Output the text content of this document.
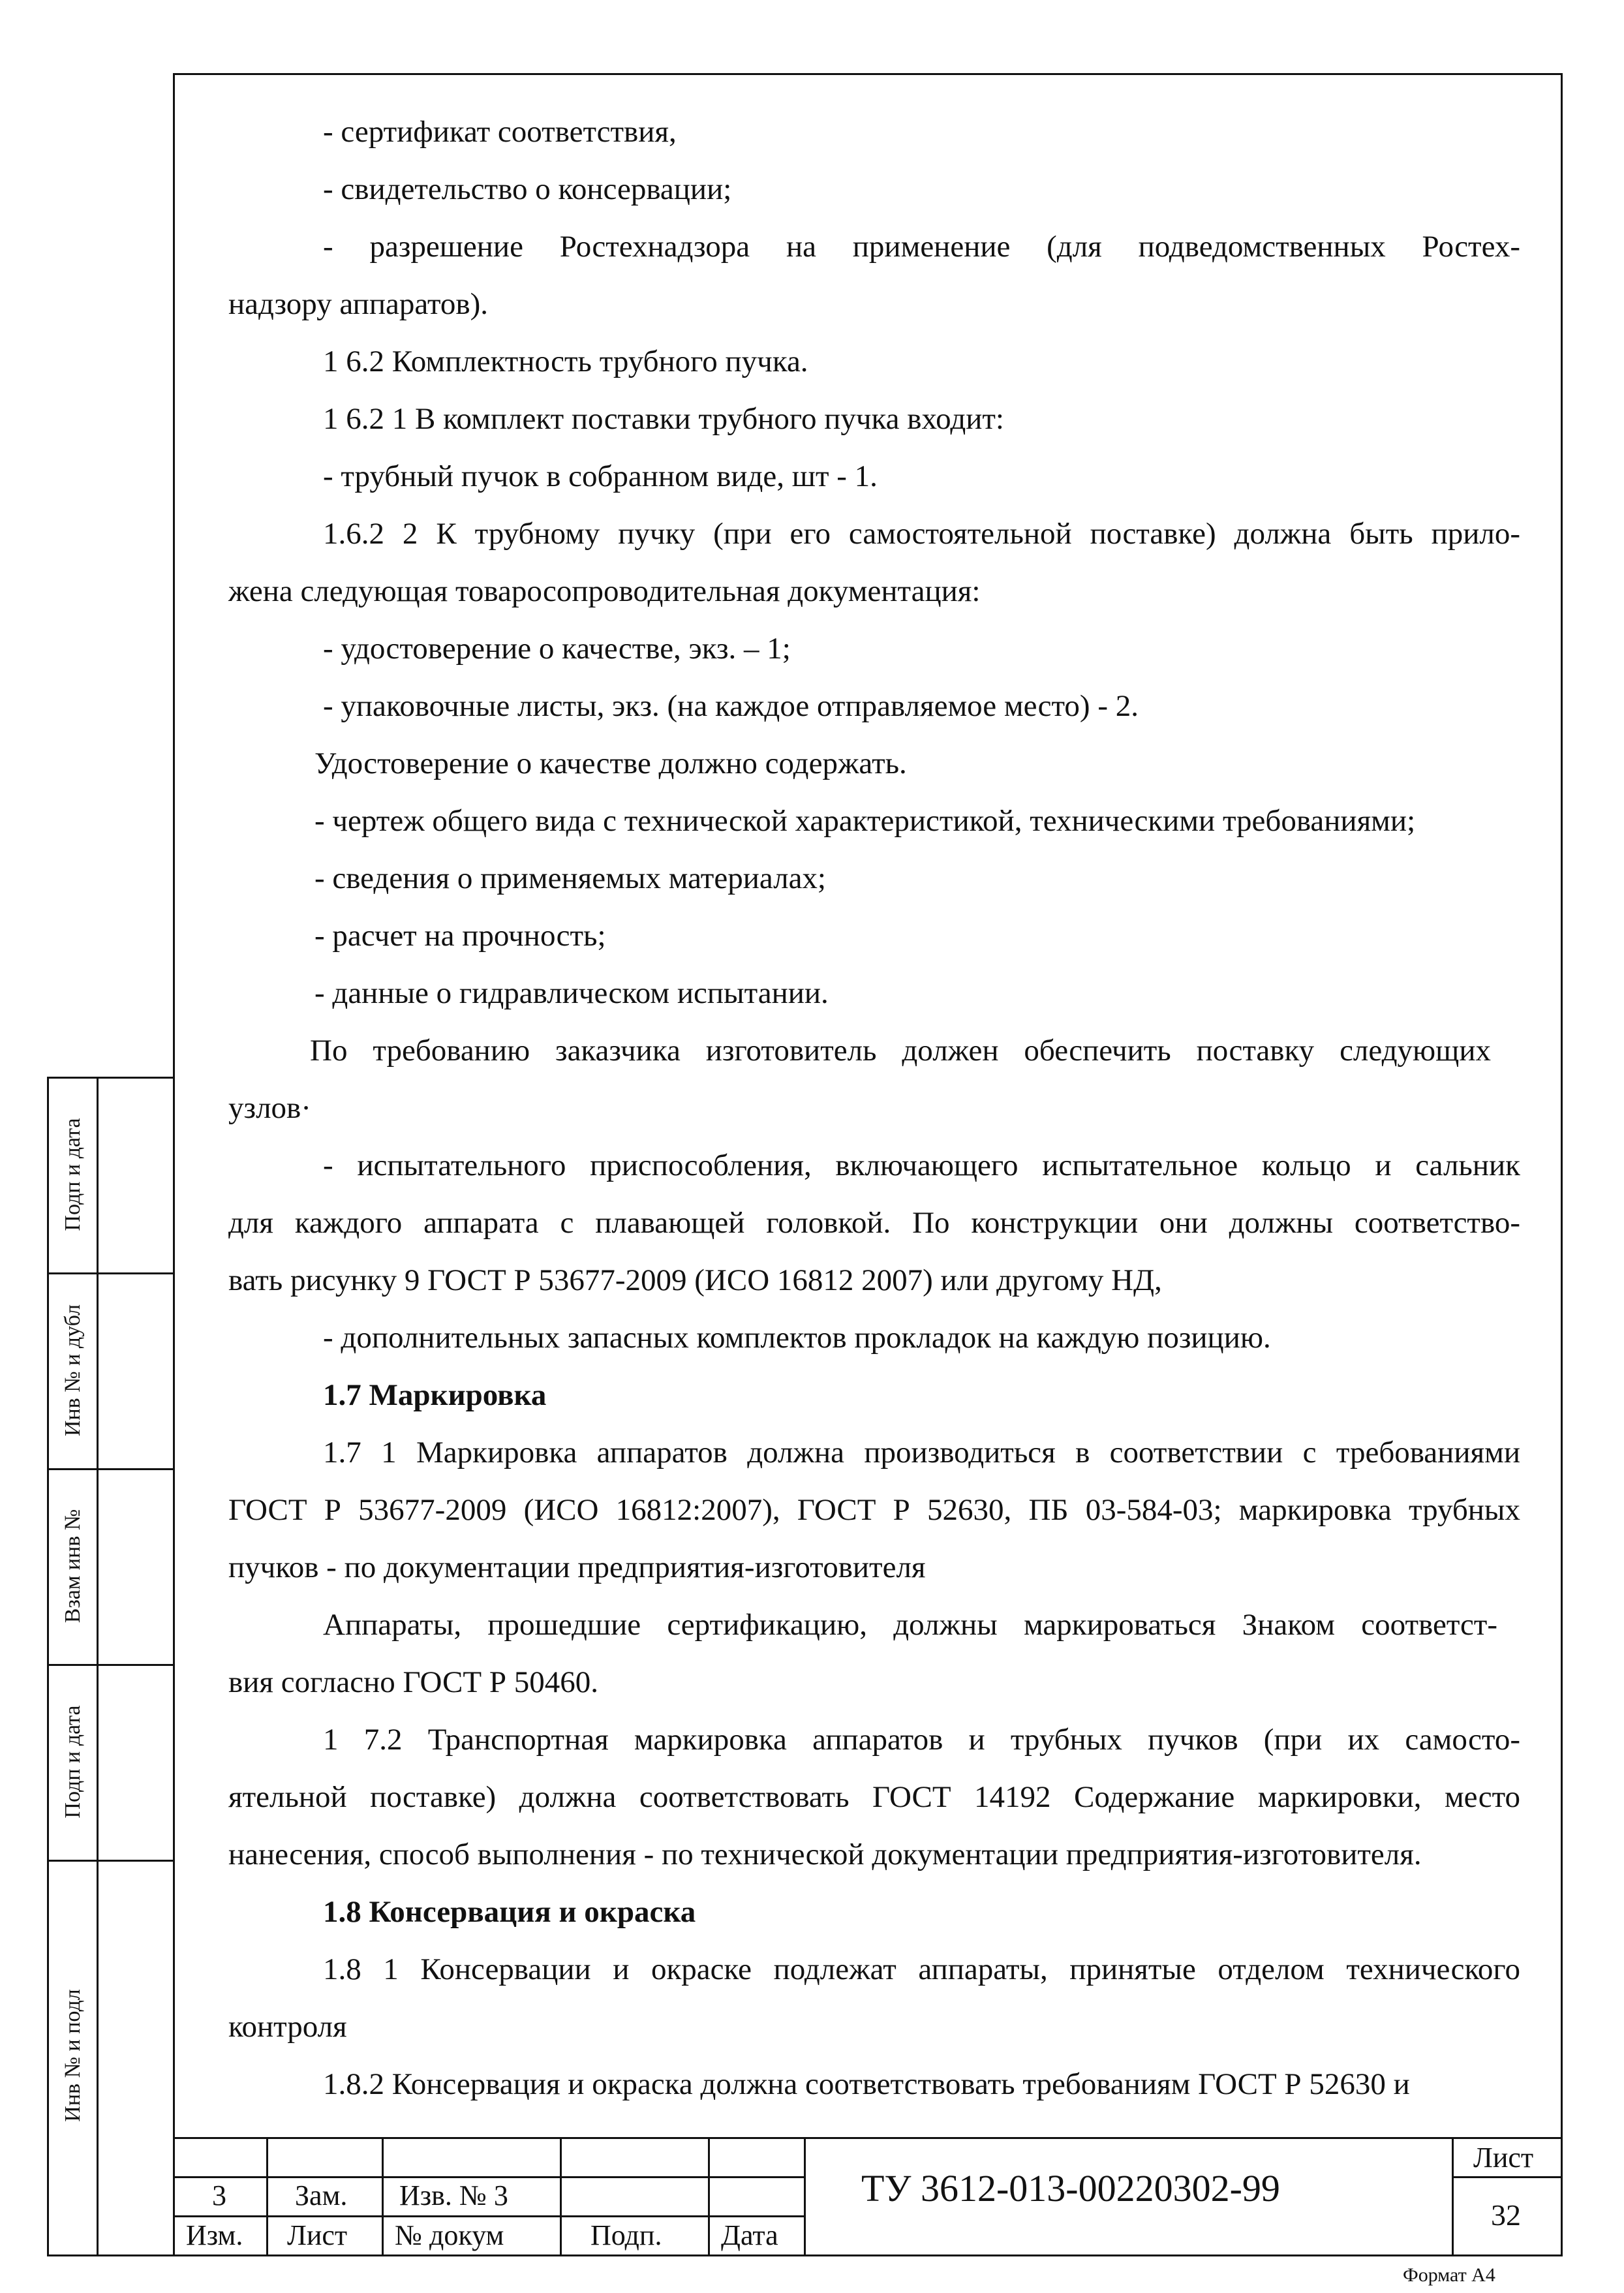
Подп и дата
Инв № и дубл
Взам инв №
Подп и дата
Инв № и подл
- сертификат соответствия,
- свидетельство о консервации;
- разрешение Ростехнадзора на применение (для подведомственных Ростех-
надзору аппаратов).
1 6.2 Комплектность трубного пучка.
1 6.2 1 В комплект поставки трубного пучка входит:
- трубный пучок в собранном виде, шт - 1.
1.6.2 2 К трубному пучку (при его самостоятельной поставке) должна быть прило-
жена следующая товаросопроводительная документация:
- удостоверение о качестве, экз. – 1;
- упаковочные листы, экз. (на каждое отправляемое место) - 2.
Удостоверение о качестве должно содержать.
- чертеж общего вида с технической характеристикой, техническими требованиями;
- сведения о применяемых материалах;
- расчет на прочность;
- данные о гидравлическом испытании.
По требованию заказчика изготовитель должен обеспечить поставку следующих
узлов·
- испытательного приспособления, включающего испытательное кольцо и сальник
для каждого аппарата с плавающей головкой. По конструкции они должны соответство-
вать рисунку 9 ГОСТ Р 53677-2009 (ИСО 16812 2007) или другому НД,
- дополнительных запасных комплектов прокладок на каждую позицию.
1.7 Маркировка
1.7 1 Маркировка аппаратов должна производиться в соответствии с требованиями
ГОСТ Р 53677-2009 (ИСО 16812:2007), ГОСТ Р 52630, ПБ 03-584-03; маркировка трубных
пучков - по документации предприятия-изготовителя
Аппараты, прошедшие сертификацию, должны маркироваться Знаком соответст-
вия согласно ГОСТ Р 50460.
1 7.2 Транспортная маркировка аппаратов и трубных пучков (при их самосто-
ятельной поставке) должна соответствовать ГОСТ 14192 Содержание маркировки, место
нанесения, способ выполнения - по технической документации предприятия-изготовителя.
1.8 Консервация и окраска
1.8 1 Консервации и окраске подлежат аппараты, принятые отделом технического
контроля
1.8.2 Консервация и окраска должна соответствовать требованиям ГОСТ Р 52630 и
3 Зам. Изв. № 3
Изм. Лист № докум	Подп. Дата
ТУ 3612-013-00220302-99
Лист
32
Формат А4
